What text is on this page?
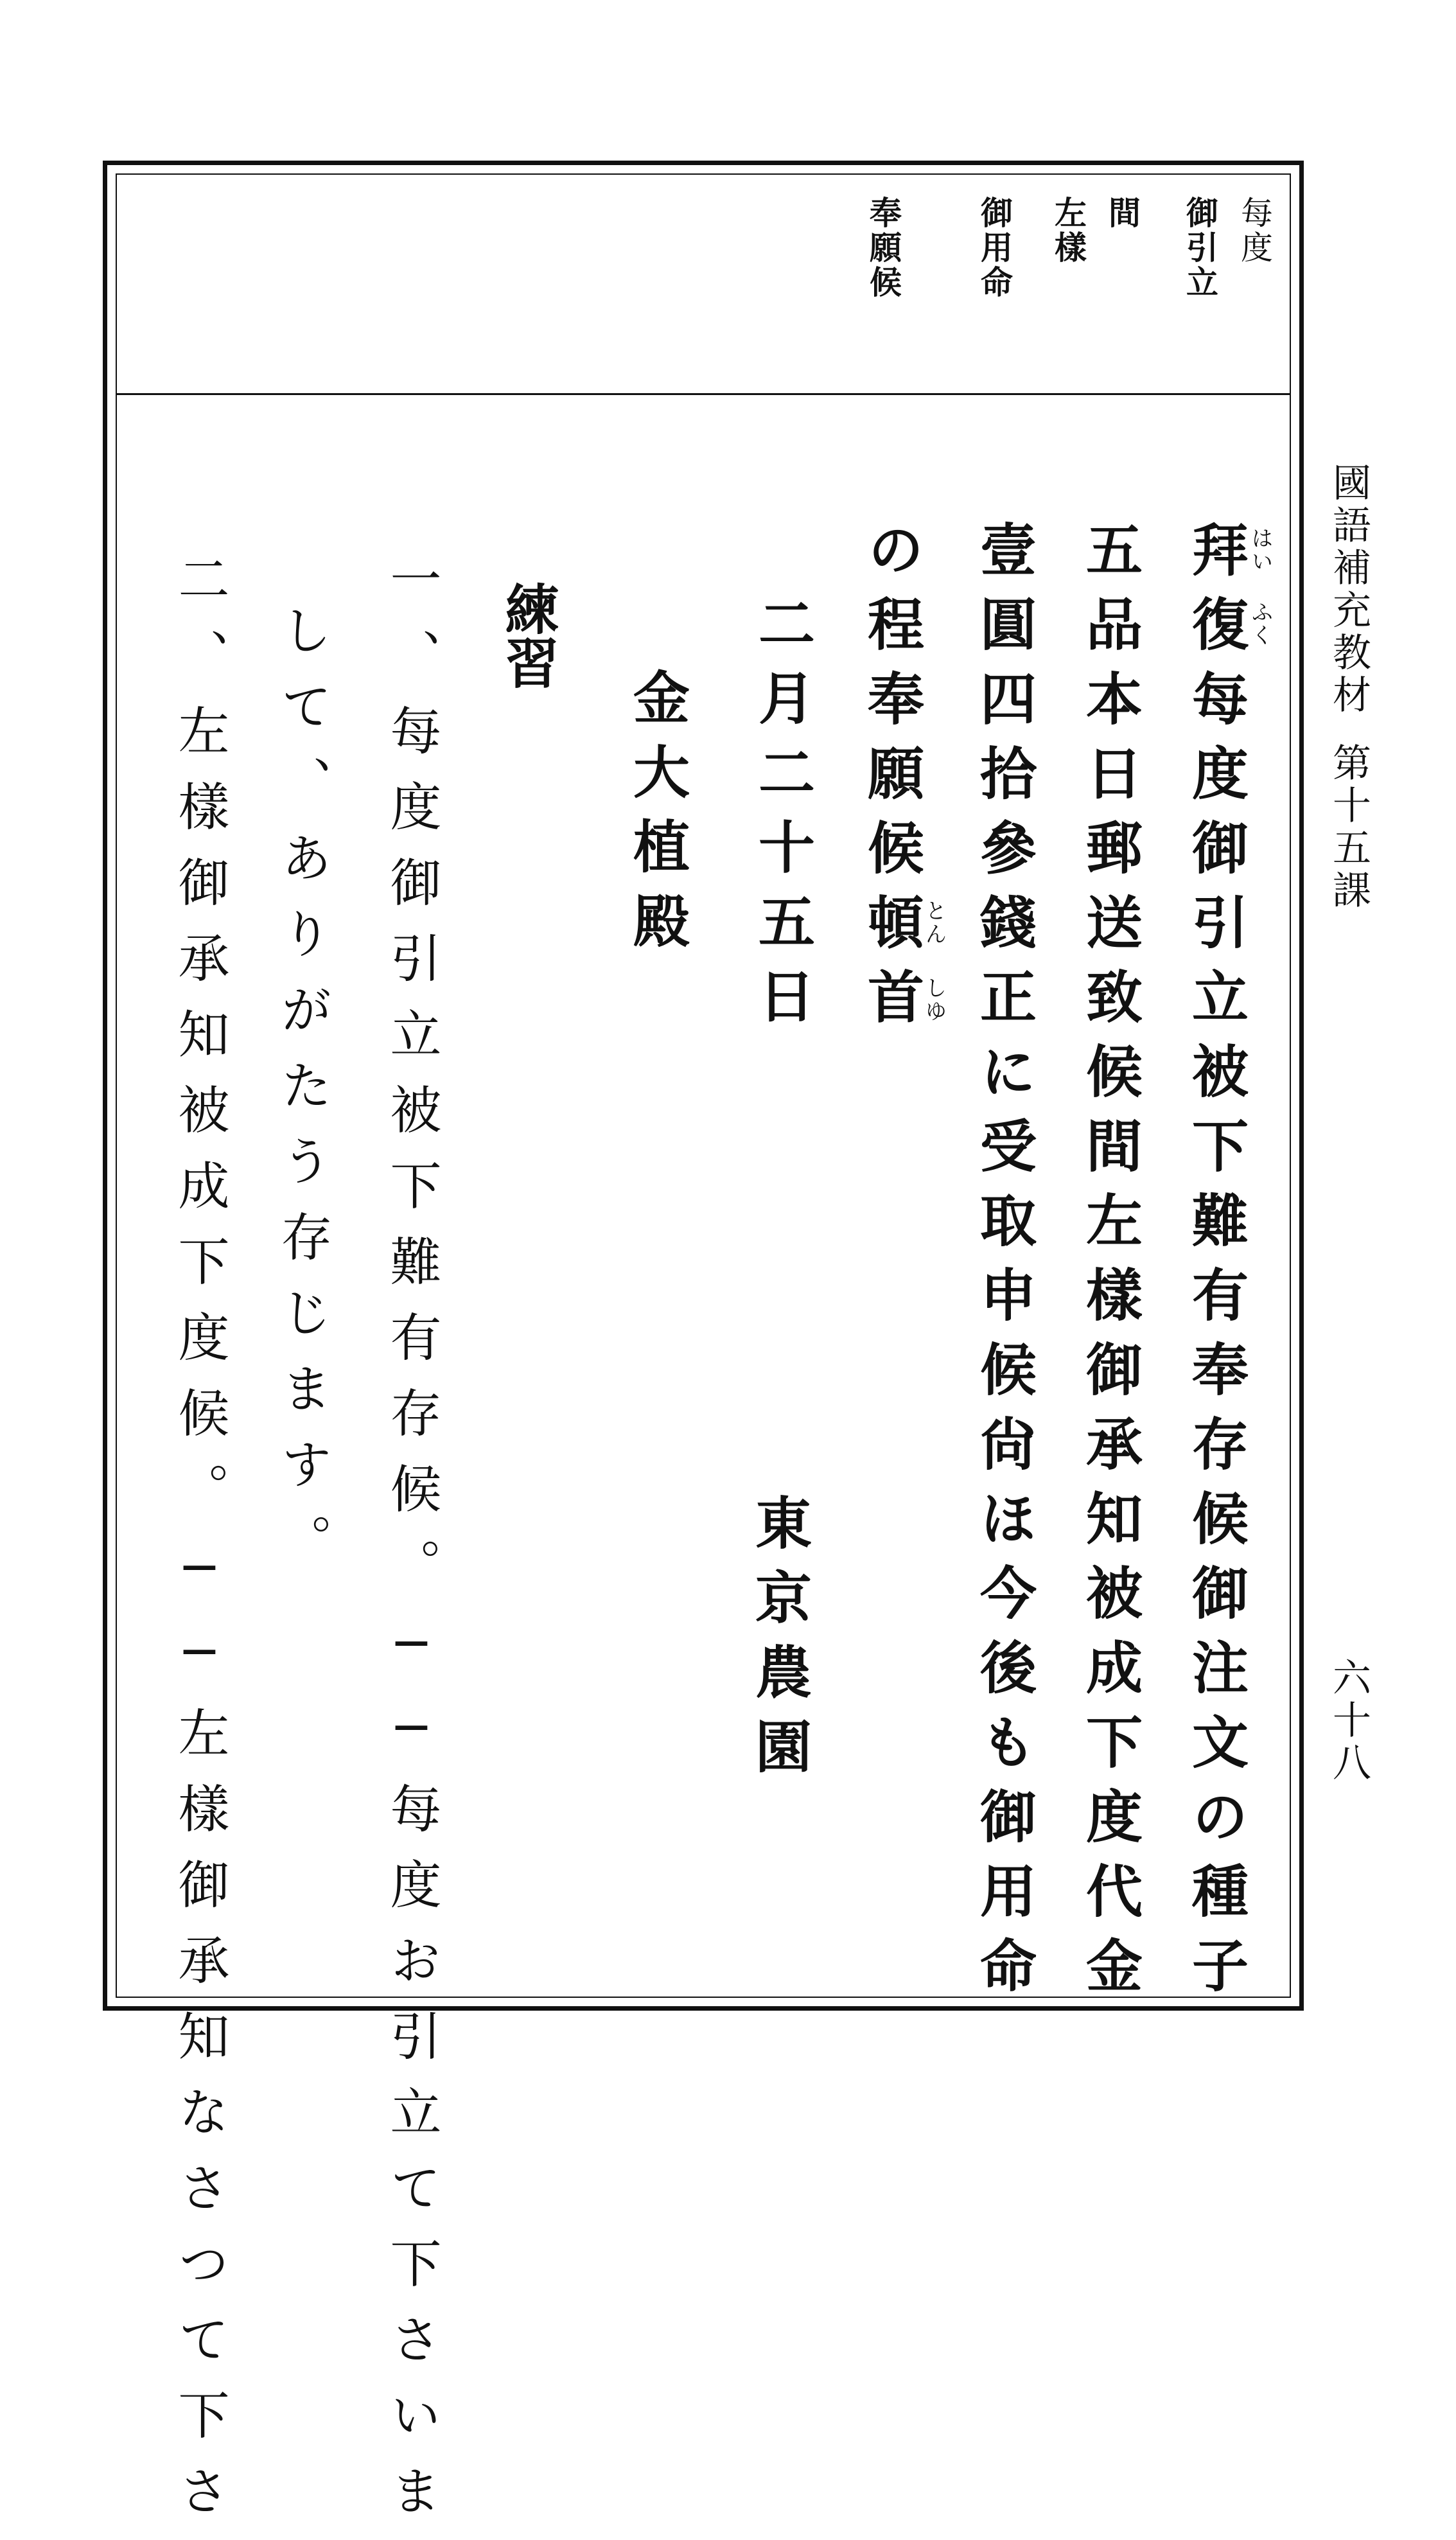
每度
御引立
間
左樣
御用命
奉願候
國語補充教材第十五課
六十八
拜復每度御引立被下難有奉存候御注文の種子
五品本日郵送致候間左樣御承知被成下度代金
壹圓四拾參錢正に受取申候尙ほ今後も御用命
の程奉願候頓首	はい
ふく
とん
しゆ
二月二十五日
東京農園
金大植殿
練習
一、每度御引立被下難有存候。──每度お引立て下さいま
して、ありがたう存じます。
二、左樣御承知被成下度候。──左樣御承知なさつて下さ
